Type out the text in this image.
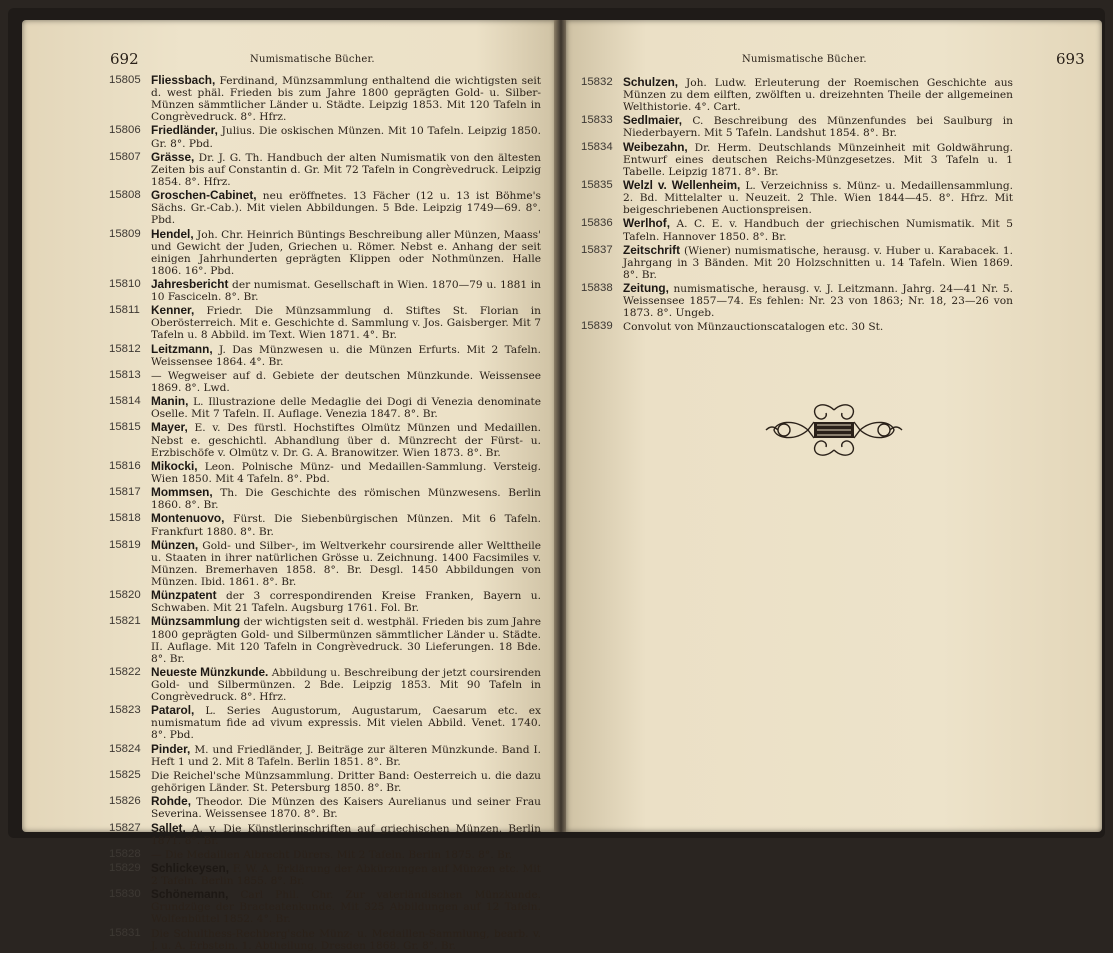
692	Numismatische Bücher.
15805 Fliessbach, Ferdinand, Münzsammlung enthaltend die wichtigsten seit d. west phäl. Frieden bis zum Jahre 1800 geprägten Gold- u. Silber-Münzen sämmtlicher Länder u. Städte. Leipzig 1853. Mit 120 Tafeln in Congrèvedruck. 8°. Hfrz.
15806 Friedländer, Julius. Die oskischen Münzen. Mit 10 Tafeln. Leipzig 1850. Gr. 8°. Pbd.
15807 Grässe, Dr. J. G. Th. Handbuch der alten Numismatik von den ältesten Zeiten bis auf Constantin d. Gr. Mit 72 Tafeln in Congrèvedruck. Leipzig 1854. 8°. Hfrz.
15808 Groschen-Cabinet, neu eröffnetes. 13 Fächer (12 u. 13 ist Böhme's Sächs. Gr.-Cab.). Mit vielen Abbildungen. 5 Bde. Leipzig 1749—69. 8°. Pbd.
15809 Hendel, Joh. Chr. Heinrich Büntings Beschreibung aller Münzen, Maass' und Gewicht der Juden, Griechen u. Römer. Nebst e. Anhang der seit einigen Jahrhunderten geprägten Klippen oder Nothmünzen. Halle 1806. 16°. Pbd.
15810 Jahresbericht der numismat. Gesellschaft in Wien. 1870—79 u. 1881 in 10 Fasciceln. 8°. Br.
15811 Kenner, Friedr. Die Münzsammlung d. Stiftes St. Florian in Oberösterreich. Mit e. Geschichte d. Sammlung v. Jos. Gaisberger. Mit 7 Tafeln u. 8 Abbild. im Text. Wien 1871. 4°. Br.
15812 Leitzmann, J. Das Münzwesen u. die Münzen Erfurts. Mit 2 Tafeln. Weissensee 1864. 4°. Br.
15813 — Wegweiser auf d. Gebiete der deutschen Münzkunde. Weissensee 1869. 8°. Lwd.
15814 Manin, L. Illustrazione delle Medaglie dei Dogi di Venezia denominate Oselle. Mit 7 Tafeln. II. Auflage. Venezia 1847. 8°. Br.
15815 Mayer, E. v. Des fürstl. Hochstiftes Olmütz Münzen und Medaillen. Nebst e. geschichtl. Abhandlung über d. Münzrecht der Fürst- u. Erzbischöfe v. Olmütz v. Dr. G. A. Branowitzer. Wien 1873. 8°. Br.
15816 Mikocki, Leon. Polnische Münz- und Medaillen-Sammlung. Versteig. Wien 1850. Mit 4 Tafeln. 8°. Pbd.
15817 Mommsen, Th. Die Geschichte des römischen Münzwesens. Berlin 1860. 8°. Br.
15818 Montenuovo, Fürst. Die Siebenbürgischen Münzen. Mit 6 Tafeln. Frankfurt 1880. 8°. Br.
15819 Münzen, Gold- und Silber-, im Weltverkehr coursirende aller Welttheile u. Staaten in ihrer natürlichen Grösse u. Zeichnung. 1400 Facsimiles v. Münzen. Bremerhaven 1858. 8°. Br. Desgl. 1450 Abbildungen von Münzen. Ibid. 1861. 8°. Br.
15820 Münzpatent der 3 correspondirenden Kreise Franken, Bayern u. Schwaben. Mit 21 Tafeln. Augsburg 1761. Fol. Br.
15821 Münzsammlung der wichtigsten seit d. westphäl. Frieden bis zum Jahre 1800 geprägten Gold- und Silbermünzen sämmtlicher Länder u. Städte. II. Auflage. Mit 120 Tafeln in Congrèvedruck. 30 Lieferungen. 18 Bde. 8°. Br.
15822 Neueste Münzkunde. Abbildung u. Beschreibung der jetzt coursirenden Gold- und Silbermünzen. 2 Bde. Leipzig 1853. Mit 90 Tafeln in Congrèvedruck. 8°. Hfrz.
15823 Patarol, L. Series Augustorum, Augustarum, Caesarum etc. ex numismatum fide ad vivum expressis. Mit vielen Abbild. Venet. 1740. 8°. Pbd.
15824 Pinder, M. und Friedländer, J. Beiträge zur älteren Münzkunde. Band I. Heft 1 und 2. Mit 8 Tafeln. Berlin 1851. 8°. Br.
15825 Die Reichel'sche Münzsammlung. Dritter Band: Oesterreich u. die dazu gehörigen Länder. St. Petersburg 1850. 8°. Br.
15826 Rohde, Theodor. Die Münzen des Kaisers Aurelianus und seiner Frau Severina. Weissensee 1870. 8°. Br.
15827 Sallet, A. v. Die Künstlerinschriften auf griechischen Münzen. Berlin 1871. 8°. Br.
15828 — Die Medaillen Albrecht Dürers. Mit 2 Tafeln. Berlin 1875. 8°. Br.
15829 Schlickeysen, F. W. A. Erklärung der Abkürzungen auf Münzen etc. Mit 2 Tafeln. Berlin 1855. 8°. Br.
15830 Schönemann, Carl Phil. Chr. Zur vaterländischen Münzkunde. Grundzüge der Bracteatenkunde. Mit 325 Abbildungen auf 12 Tafeln. Wolfenbüttel 1852. 4°. Br.
15831 Die Schulthess-Rechberg'sche Münz- u. Medaillen-Sammlung, bearb. v. J. u. A. Erbstein. 1. Abtheilung. Dresden 1868. Gr. 8°. Br.
Numismatische Bücher.	693
15832 Schulzen, Joh. Ludw. Erleuterung der Roemischen Geschichte aus Münzen zu dem eilften, zwölften u. dreizehnten Theile der allgemeinen Welthistorie. 4°. Cart.
15833 Sedlmaier, C. Beschreibung des Münzenfundes bei Saulburg in Niederbayern. Mit 5 Tafeln. Landshut 1854. 8°. Br.
15834 Weibezahn, Dr. Herm. Deutschlands Münzeinheit mit Goldwährung. Entwurf eines deutschen Reichs-Münzgesetzes. Mit 3 Tafeln u. 1 Tabelle. Leipzig 1871. 8°. Br.
15835 Welzl v. Wellenheim, L. Verzeichniss s. Münz- u. Medaillensammlung. 2. Bd. Mittelalter u. Neuzeit. 2 Thle. Wien 1844—45. 8°. Hfrz. Mit beigeschriebenen Auctionspreisen.
15836 Werlhof, A. C. E. v. Handbuch der griechischen Numismatik. Mit 5 Tafeln. Hannover 1850. 8°. Br.
15837 Zeitschrift (Wiener) numismatische, herausg. v. Huber u. Karabacek. 1. Jahrgang in 3 Bänden. Mit 20 Holzschnitten u. 14 Tafeln. Wien 1869. 8°. Br.
15838 Zeitung, numismatische, herausg. v. J. Leitzmann. Jahrg. 24—41 Nr. 5. Weissensee 1857—74. Es fehlen: Nr. 23 von 1863; Nr. 18, 23—26 von 1873. 8°. Ungeb.
15839 Convolut von Münzauctionscatalogen etc. 30 St.
